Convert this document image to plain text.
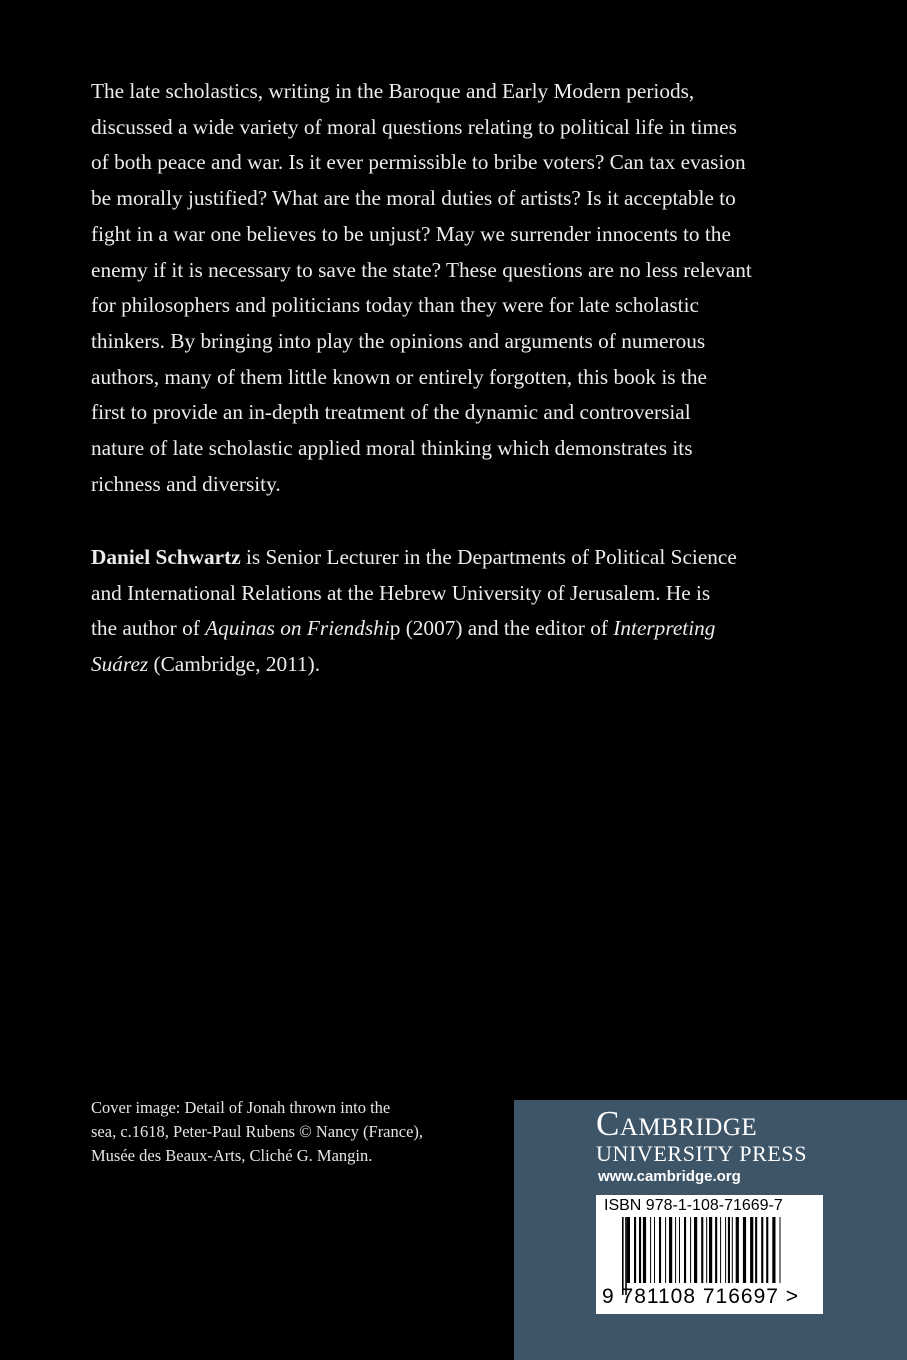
The late scholastics, writing in the Baroque and Early Modern periods,
discussed a wide variety of moral questions relating to political life in times
of both peace and war. Is it ever permissible to bribe voters? Can tax evasion
be morally justified? What are the moral duties of artists? Is it acceptable to
fight in a war one believes to be unjust? May we surrender innocents to the
enemy if it is necessary to save the state? These questions are no less relevant
for philosophers and politicians today than they were for late scholastic
thinkers. By bringing into play the opinions and arguments of numerous
authors, many of them little known or entirely forgotten, this book is the
first to provide an in-depth treatment of the dynamic and controversial
nature of late scholastic applied moral thinking which demonstrates its
richness and diversity.
Daniel Schwartz is Senior Lecturer in the Departments of Political Science
and International Relations at the Hebrew University of Jerusalem. He is
the author of Aquinas on Friendship (2007) and the editor of Interpreting
Suárez (Cambridge, 2011).
Cover image: Detail of Jonah thrown into the
sea, c.1618, Peter-Paul Rubens © Nancy (France),
Musée des Beaux-Arts, Cliché G. Mangin.
Cambridge
UNIVERSITY PRESS
www.cambridge.org
ISBN 978-1-108-71669-7
9 781108 716697 >
